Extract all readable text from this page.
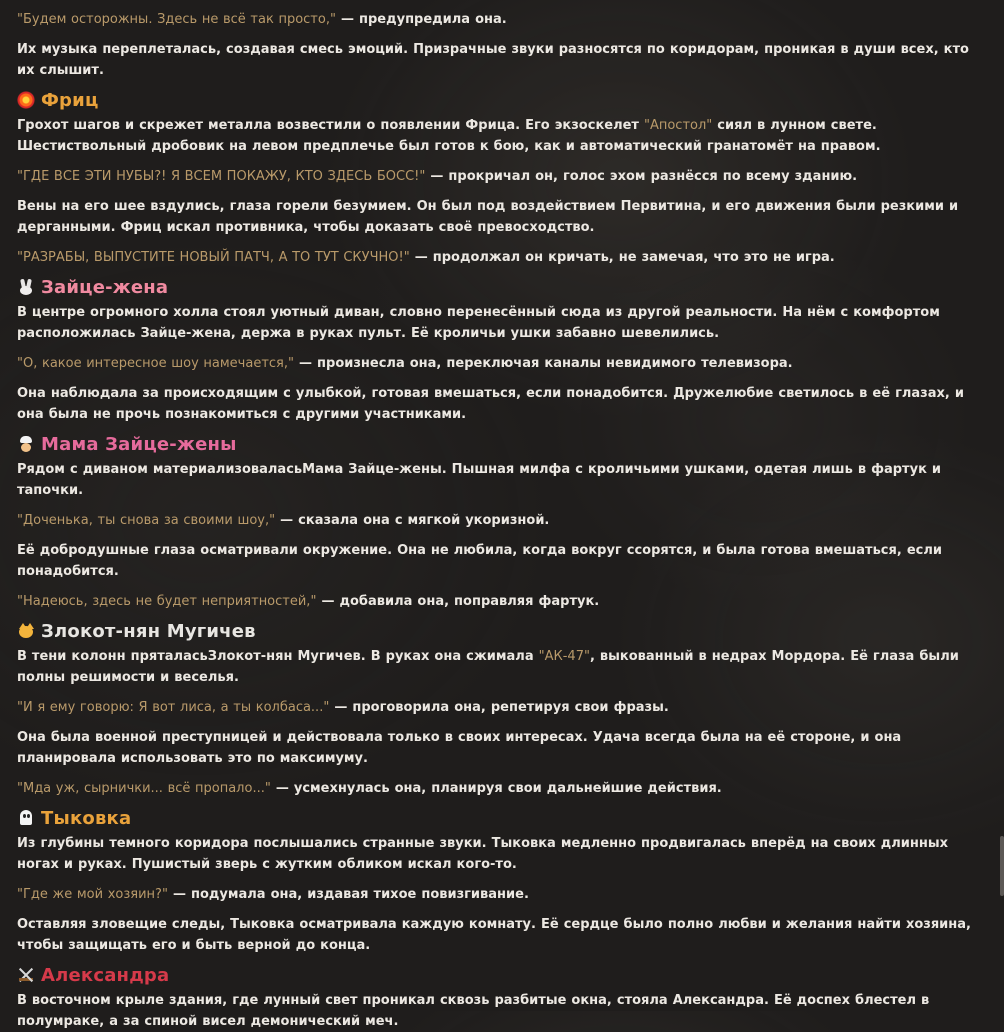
"Будем осторожны. Здесь не всё так просто," — предупредила она.

Их музыка переплеталась, создавая смесь эмоций. Призрачные звуки разносятся по коридорам, проникая в души всех, кто их слышит.

Фриц

Грохот шагов и скрежет металла возвестили о появлении Фрица. Его экзоскелет "Апостол" сиял в лунном свете. Шестиствольный дробовик на левом предплечье был готов к бою, как и автоматический гранатомёт на правом.

"ГДЕ ВСЕ ЭТИ НУБЫ?! Я ВСЕМ ПОКАЖУ, КТО ЗДЕСЬ БОСС!" — прокричал он, голос эхом разнёсся по всему зданию.

Вены на его шее вздулись, глаза горели безумием. Он был под воздействием Первитина, и его движения были резкими и дерганными. Фриц искал противника, чтобы доказать своё превосходство.

"РАЗРАБЫ, ВЫПУСТИТЕ НОВЫЙ ПАТЧ, А ТО ТУТ СКУЧНО!" — продолжал он кричать, не замечая, что это не игра.

Зайце-жена

В центре огромного холла стоял уютный диван, словно перенесённый сюда из другой реальности. На нём с комфортом расположилась Зайце-жена, держа в руках пульт. Её кроличьи ушки забавно шевелились.

"О, какое интересное шоу намечается," — произнесла она, переключая каналы невидимого телевизора.

Она наблюдала за происходящим с улыбкой, готовая вмешаться, если понадобится. Дружелюбие светилось в её глазах, и она была не прочь познакомиться с другими участниками.

Мама Зайце-жены

Рядом с диваном материализоваласьМама Зайце-жены. Пышная милфа с кроличьими ушками, одетая лишь в фартук и тапочки.

"Доченька, ты снова за своими шоу," — сказала она с мягкой укоризной.

Её добродушные глаза осматривали окружение. Она не любила, когда вокруг ссорятся, и была готова вмешаться, если понадобится.

"Надеюсь, здесь не будет неприятностей," — добавила она, поправляя фартук.

Злокот-нян Мугичев

В тени колонн пряталасьЗлокот-нян Мугичев. В руках она сжимала "АК-47", выкованный в недрах Мордора. Её глаза были полны решимости и веселья.

"И я ему говорю: Я вот лиса, а ты колбаса..." — проговорила она, репетируя свои фразы.

Она была военной преступницей и действовала только в своих интересах. Удача всегда была на её стороне, и она планировала использовать это по максимуму.

"Мда уж, сырнички... всё пропало..." — усмехнулась она, планируя свои дальнейшие действия.

Тыковка

Из глубины темного коридора послышались странные звуки. Тыковка медленно продвигалась вперёд на своих длинных ногах и руках. Пушистый зверь с жутким обликом искал кого-то.

"Где же мой хозяин?" — подумала она, издавая тихое повизгивание.

Оставляя зловещие следы, Тыковка осматривала каждую комнату. Её сердце было полно любви и желания найти хозяина, чтобы защищать его и быть верной до конца.

Александра

В восточном крыле здания, где лунный свет проникал сквозь разбитые окна, стояла Александра. Её доспех блестел в полумраке, а за спиной висел демонический меч.
